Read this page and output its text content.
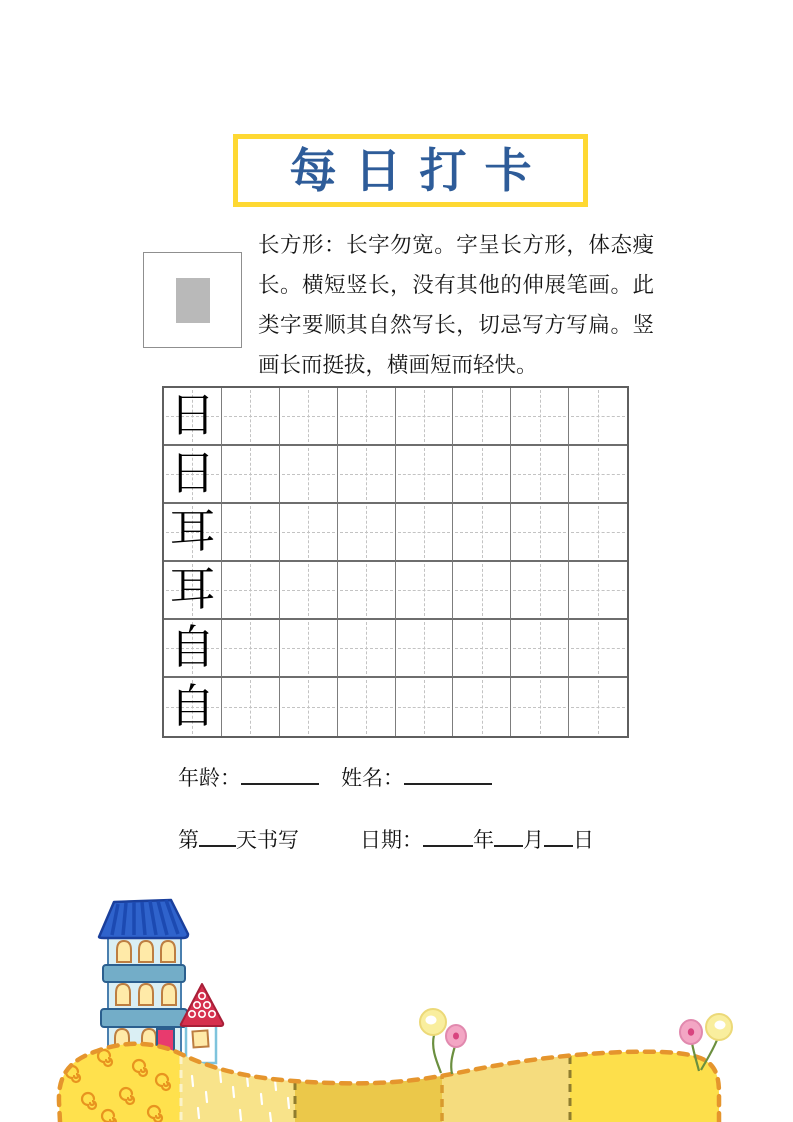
每日打卡
长方形：长字勿宽。字呈长方形，体态瘦长。横短竖长，没有其他的伸展笔画。此类字要顺其自然写长，切忌写方写扁。竖画长而挺拔，横画短而轻快。
日
日
耳
耳
自
自
年龄：	姓名：
第 天书写	日期： 年 月 日
